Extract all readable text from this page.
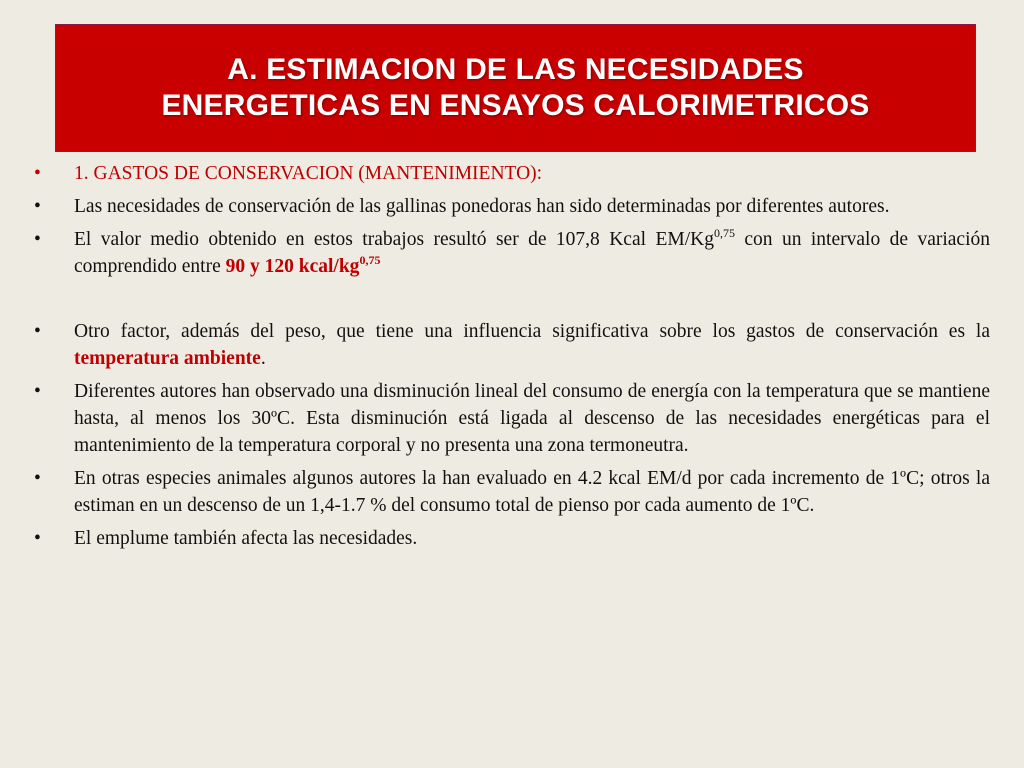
A. ESTIMACION DE LAS NECESIDADES
ENERGETICAS EN ENSAYOS CALORIMETRICOS
•	1. GASTOS DE CONSERVACION (MANTENIMIENTO):
•	Las necesidades de conservación de las gallinas ponedoras han sido determinadas por diferentes autores.
•	El valor medio obtenido en estos trabajos resultó ser de 107,8 Kcal EM/Kg$^{0,75}$ con un intervalo de variación comprendido entre 90 y 120 kcal/kg$^{0,75}$
•	Otro factor, además del peso, que tiene una influencia significativa sobre los gastos de conservación es la temperatura ambiente.
•	Diferentes autores han observado una disminución lineal del consumo de energía con la temperatura que se mantiene hasta, al menos los 30ºC. Esta disminución está ligada al descenso de las necesidades energéticas para el mantenimiento de la temperatura corporal y no presenta una zona termoneutra.
•	En otras especies animales algunos autores la han evaluado en 4.2 kcal EM/d por cada incremento de 1ºC; otros la estiman en un descenso de un 1,4-1.7 % del consumo total de pienso por cada aumento de 1ºC.
•	El emplume también afecta las necesidades.
